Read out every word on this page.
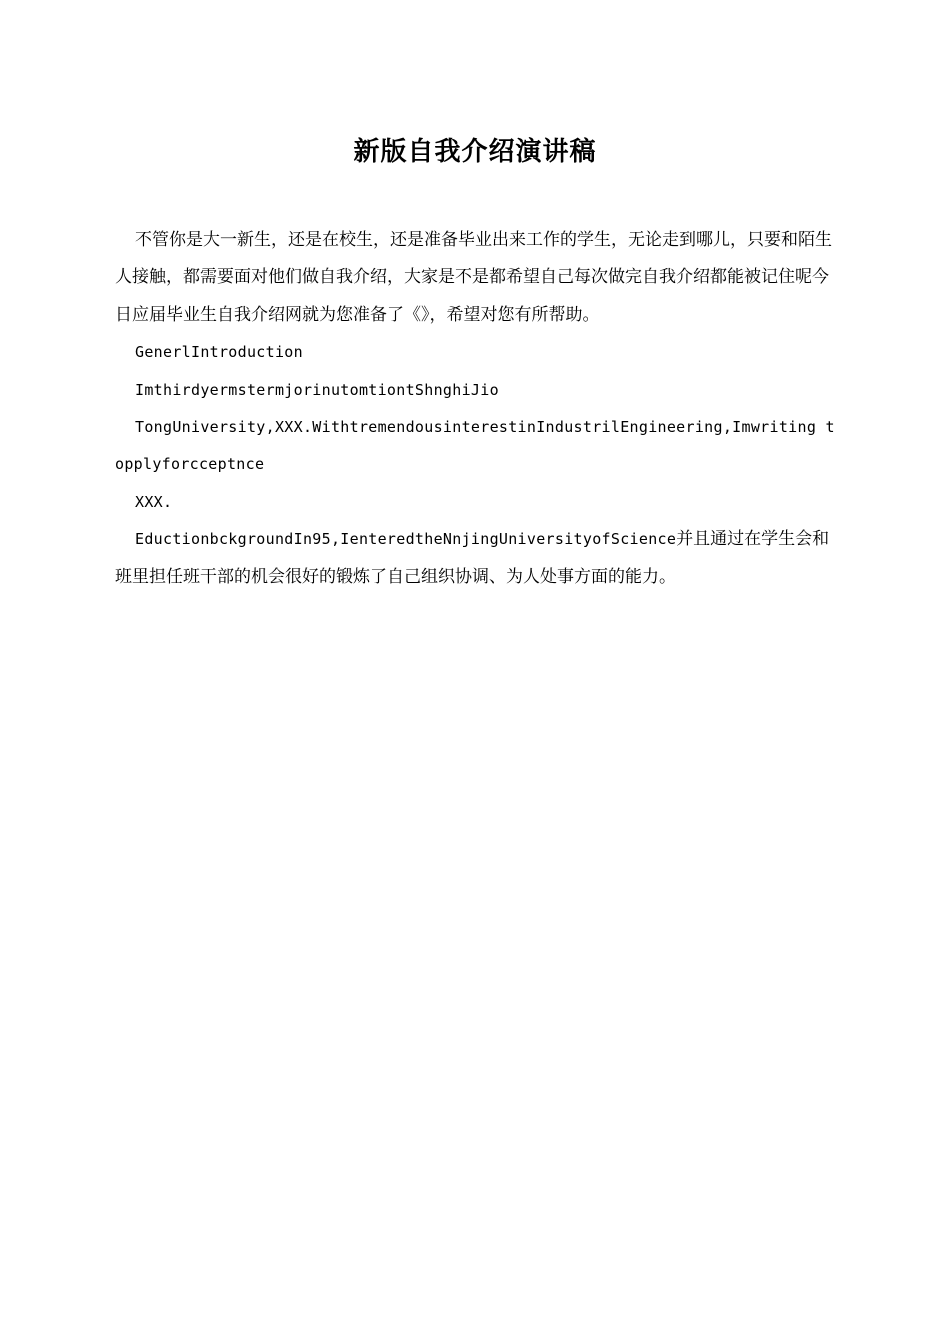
新版自我介绍演讲稿

不管你是大一新生，还是在校生，还是准备毕业出来工作的学生，无论走到哪儿，只要和陌生人接触，都需要面对他们做自我介绍，大家是不是都希望自己每次做完自我介绍都能被记住呢今日应届毕业生自我介绍网就为您准备了《》，希望对您有所帮助。

GenerlIntroduction

ImthirdyermstermjorinutomtiontShnghiJio

TongUniversity,XXX.WithtremendousinterestinIndustrilEngineering,Imwriting topplyforcceptnce

XXX.

EductionbckgroundIn95,IenteredtheNnjingUniversityofScience并且通过在学生会和班里担任班干部的机会很好的锻炼了自己组织协调、为人处事方面的能力。
